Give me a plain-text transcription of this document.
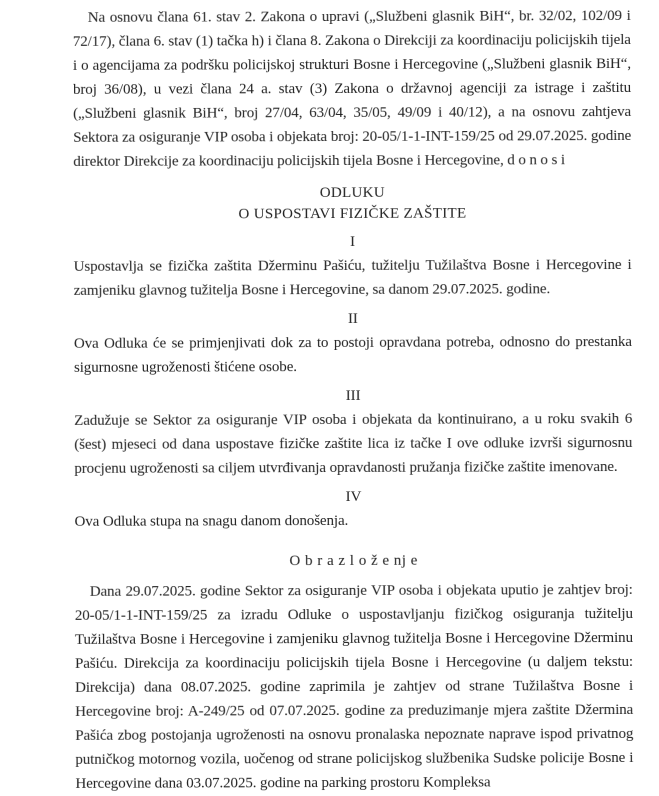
Na osnovu člana 61. stav 2. Zakona o upravi („Službeni glasnik BiH“, br. 32/02, 102/09 i 72/17), člana 6. stav (1) tačka h) i člana 8. Zakona o Direkciji za koordinaciju policijskih tijela i o agencijama za podršku policijskoj strukturi Bosne i Hercegovine („Službeni glasnik BiH“, broj 36/08), u vezi člana 24 a. stav (3) Zakona o državnoj agenciji za istrage i zaštitu („Službeni glasnik BiH“, broj 27/04, 63/04, 35/05, 49/09 i 40/12), a na osnovu zahtjeva Sektora za osiguranje VIP osoba i objekata broj: 20-05/1-1-INT-159/25 od 29.07.2025. godine direktor Direkcije za koordinaciju policijskih tijela Bosne i Hercegovine, d o n o s i

ODLUKU
O USPOSTAVI FIZIČKE ZAŠTITE
I

Uspostavlja se fizička zaštita Džerminu Pašiću, tužitelju Tužilaštva Bosne i Hercegovine i zamjeniku glavnog tužitelja Bosne i Hercegovine, sa danom 29.07.2025. godine.

II

Ova Odluka će se primjenjivati dok za to postoji opravdana potreba, odnosno do prestanka sigurnosne ugroženosti štićene osobe.

III

Zadužuje se Sektor za osiguranje VIP osoba i objekata da kontinuirano, a u roku svakih 6 (šest) mjeseci od dana uspostave fizičke zaštite lica iz tačke I ove odluke izvrši sigurnosnu procjenu ugroženosti sa ciljem utvrđivanja opravdanosti pružanja fizičke zaštite imenovane.

IV

Ova Odluka stupa na snagu danom donošenja.

O b r a z l o ž e nj e

Dana 29.07.2025. godine Sektor za osiguranje VIP osoba i objekata uputio je zahtjev broj: 20-05/1-1-INT-159/25 za izradu Odluke o uspostavljanju fizičkog osiguranja tužitelju Tužilaštva Bosne i Hercegovine i zamjeniku glavnog tužitelja Bosne i Hercegovine Džerminu Pašiću. Direkcija za koordinaciju policijskih tijela Bosne i Hercegovine (u daljem tekstu: Direkcija) dana 08.07.2025. godine zaprimila je zahtjev od strane Tužilaštva Bosne i Hercegovine broj: A-249/25 od 07.07.2025. godine za preduzimanje mjera zaštite Džermina Pašića zbog postojanja ugroženosti na osnovu pronalaska nepoznate naprave ispod privatnog putničkog motornog vozila, uočenog od strane policijskog službenika Sudske policije Bosne i Hercegovine dana 03.07.2025. godine na parking prostoru Kompleksa
